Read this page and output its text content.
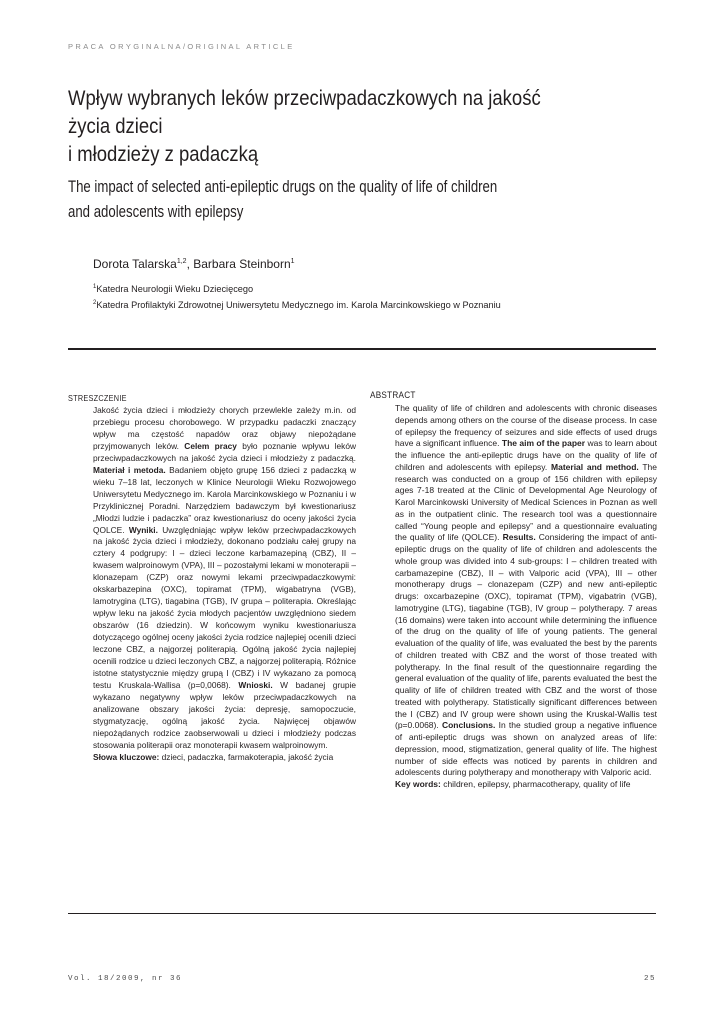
PRACA ORYGINALNA/ORIGINAL ARTICLE
Wpływ wybranych leków przeciwpadaczkowych na jakość życia dzieci
i młodzieży z padaczką
The impact of selected anti-epileptic drugs on the quality of life of children
and adolescents with epilepsy
Dorota Talarska$^{1,2}$, Barbara Steinborn$^1$
$^1$Katedra Neurologii Wieku Dziecięcego
$^2$Katedra Profilaktyki Zdrowotnej Uniwersytetu Medycznego im. Karola Marcinkowskiego w Poznaniu
STRESZCZENIE
Jakość życia dzieci i młodzieży chorych przewlekle zależy m.in. od przebiegu procesu chorobowego. W przypadku padaczki znaczący wpływ ma częstość napadów oraz objawy niepożądane przyjmowanych leków. Celem pracy było poznanie wpływu leków przeciwpadaczkowych na jakość życia dzieci i młodzieży z padaczką. Materiał i metoda. Badaniem objęto grupę 156 dzieci z padaczką w wieku 7–18 lat, leczonych w Klinice Neurologii Wieku Rozwojowego Uniwersytetu Medycznego im. Karola Marcinkowskiego w Poznaniu i w Przyklinicznej Poradni. Narzędziem badawczym był kwestionariusz „Młodzi ludzie i padaczka” oraz kwestionariusz do oceny jakości życia QOLCE. Wyniki. Uwzględniając wpływ leków przeciwpadaczkowych na jakość życia dzieci i młodzieży, dokonano podziału całej grupy na cztery 4 podgrupy: I – dzieci leczone karbamazepiną (CBZ), II – kwasem walproinowym (VPA), III – pozostałymi lekami w monoterapii – klonazepam (CZP) oraz nowymi lekami przeciwpadaczkowymi: okskarbazepina (OXC), topiramat (TPM), wigabatryna (VGB), lamotrygina (LTG), tiagabina (TGB), IV grupa – politerapia. Określając wpływ leku na jakość życia młodych pacjentów uwzględniono siedem obszarów (16 dziedzin). W końcowym wyniku kwestionariusza dotyczącego ogólnej oceny jakości życia rodzice najlepiej ocenili dzieci leczone CBZ, a najgorzej politerapią. Ogólną jakość życia najlepiej ocenili rodzice u dzieci leczonych CBZ, a najgorzej politerapią. Różnice istotne statystycznie między grupą I (CBZ) i IV wykazano za pomocą testu Kruskala-Wallisa (p=0,0068). Wnioski. W badanej grupie wykazano negatywny wpływ leków przeciwpadaczkowych na analizowane obszary jakości życia: depresję, samopoczucie, stygmatyzację, ogólną jakość życia. Najwięcej objawów niepożądanych rodzice zaobserwowali u dzieci i młodzieży podczas stosowania politerapii oraz monoterapii kwasem walproinowym.
Słowa kluczowe: dzieci, padaczka, farmakoterapia, jakość życia
ABSTRACT
The quality of life of children and adolescents with chronic diseases depends among others on the course of the disease process. In case of epilepsy the frequency of seizures and side effects of used drugs have a significant influence. The aim of the paper was to learn about the influence the anti-epileptic drugs have on the quality of life of children and adolescents with epilepsy. Material and method. The research was conducted on a group of 156 children with epilepsy ages 7-18 treated at the Clinic of Developmental Age Neurology of Karol Marcinkowski University of Medical Sciences in Poznan as well as in the outpatient clinic. The research tool was a questionnaire called “Young people and epilepsy” and a questionnaire evaluating the quality of life (QOLCE). Results. Considering the impact of anti-epileptic drugs on the quality of life of children and adolescents the whole group was divided into 4 sub-groups: I – children treated with carbamazepine (CBZ), II – with Valporic acid (VPA), III – other monotherapy drugs – clonazepam (CZP) and new anti-epileptic drugs: oxcarbazepine (OXC), topiramat (TPM), vigabatrin (VGB), lamotrygine (LTG), tiagabine (TGB), IV group – polytherapy. 7 areas (16 domains) were taken into account while determining the influence of the drug on the quality of life of young patients. The general evaluation of the quality of life, was evaluated the best by the parents of children treated with CBZ and the worst of those treated with polytherapy. In the final result of the questionnaire regarding the general evaluation of the quality of life, parents evaluated the best the quality of life of children treated with CBZ and the worst of those treated with polytherapy. Statistically significant differences between the I (CBZ) and IV group were shown using the Kruskal-Wallis test (p=0.0068). Conclusions. In the studied group a negative influence of anti-epileptic drugs was shown on analyzed areas of life: depression, mood, stigmatization, general quality of life. The highest number of side effects was noticed by parents in children and adolescents during polytherapy and monotherapy with Valporic acid.
Key words: children, epilepsy, pharmacotherapy, quality of life
Vol. 18/2009, nr 36	25
